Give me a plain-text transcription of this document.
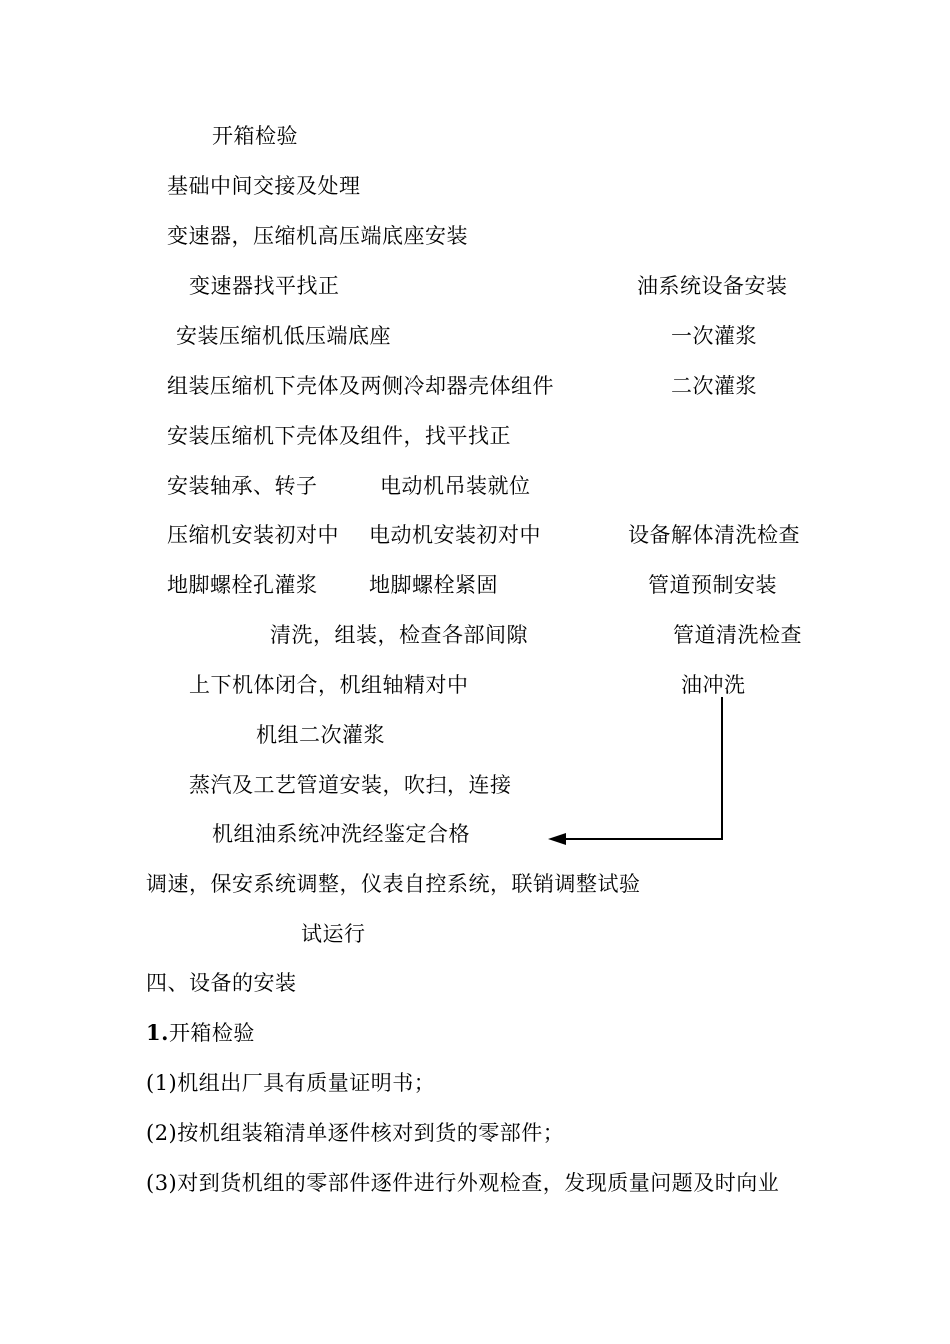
开箱检验
基础中间交接及处理
变速器，压缩机高压端底座安装
变速器找平找正
安装压缩机低压端底座
组装压缩机下壳体及两侧冷却器壳体组件
安装压缩机下壳体及组件，找平找正
安装轴承、转子
压缩机安装初对中
地脚螺栓孔灌浆
清洗，组装，检查各部间隙
上下机体闭合，机组轴精对中
机组二次灌浆
蒸汽及工艺管道安装，吹扫，连接
机组油系统冲洗经鉴定合格
调速，保安系统调整，仪表自控系统，联销调整试验
试运行
电动机吊装就位
电动机安装初对中
地脚螺栓紧固
油系统设备安装
一次灌浆
二次灌浆
设备解体清洗检查
管道预制安装
管道清洗检查
油冲洗
四、设备的安装
1.开箱检验
(1)机组出厂具有质量证明书；
(2)按机组装箱清单逐件核对到货的零部件；
(3)对到货机组的零部件逐件进行外观检查，发现质量问题及时向业
